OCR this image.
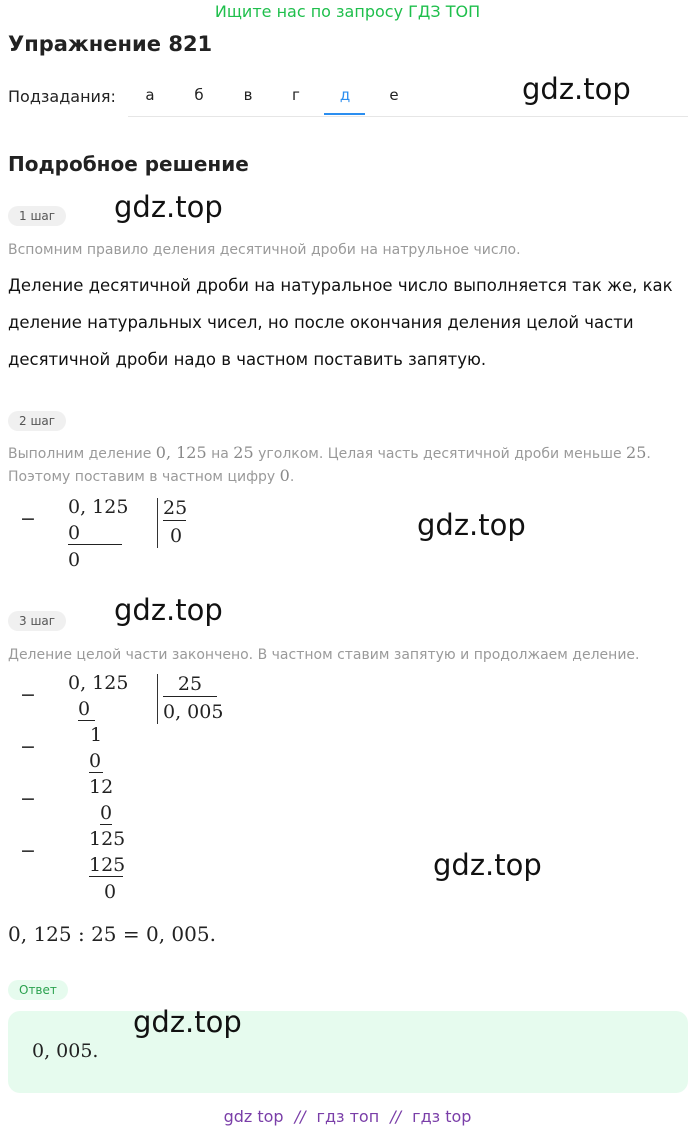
Ищите нас по запросу ГДЗ ТОП
Упражнение 821
Подзадания:	а	б	в	г	д	е	gdz.top
Подробное решение
1 шаг	gdz.top
Вспомним правило деления десятичной дроби на натрульное число.
Деление десятичной дроби на натуральное число выполняется так же, как
деление натуральных чисел, но после окончания деления целой части
десятичной дроби надо в частном поставить запятую.
2 шаг
Выполним деление 0, 125 на 25 уголком. Целая часть десятичной дроби меньше 25.
Поэтому поставим в частном цифру 0.
−
0, 125
0
0
25
0	gdz.top
3 шаг	gdz.top
Деление целой части закончено. В частном ставим запятую и продолжаем деление.
−
0, 125
0
−
1
0
−
12
0
−
125
125
0
25
0, 005
gdz.top
0, 125 : 25 = 0, 005.
Ответ
0, 005.
gdz.top
gdz top // гдз топ // гдз top
